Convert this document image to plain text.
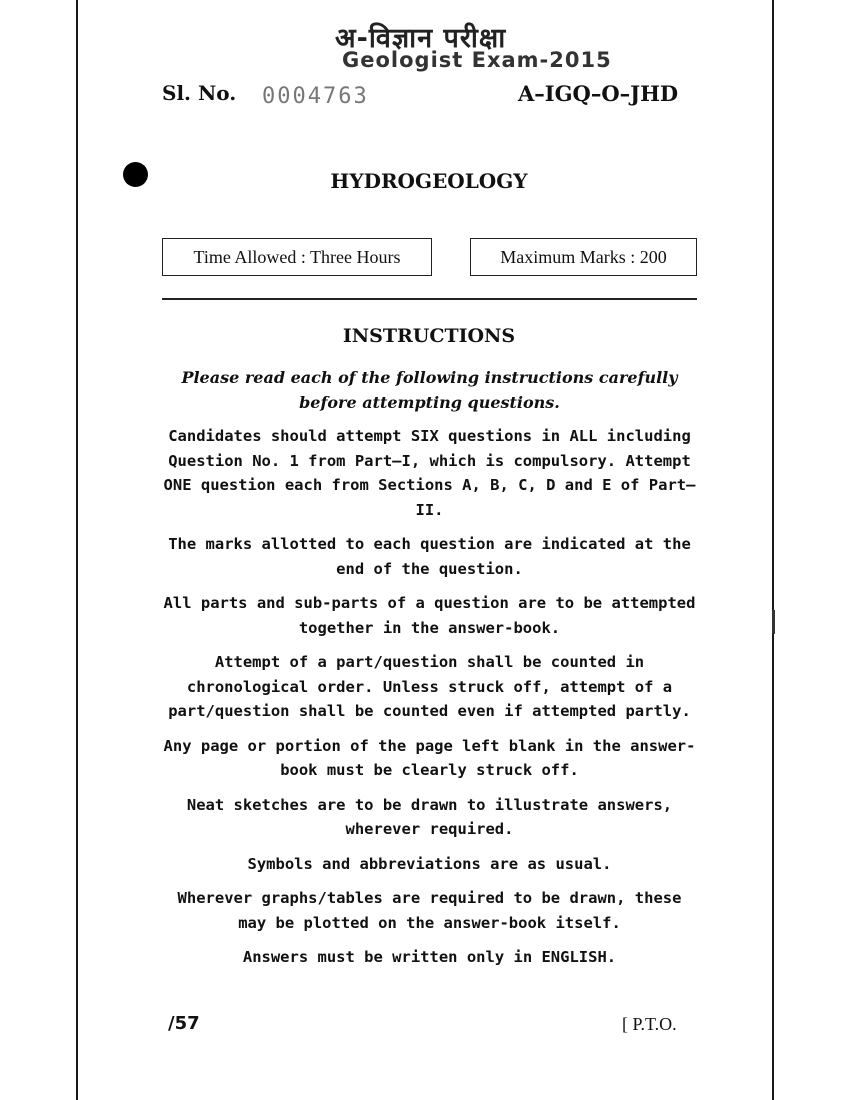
अ-विज्ञान परीक्षा
Geologist Exam-2015
Sl. No. 0004763	A–IGQ–O–JHD
HYDROGEOLOGY
Time Allowed : Three Hours	Maximum Marks : 200
INSTRUCTIONS
Please read each of the following instructions carefully before attempting questions.
Candidates should attempt SIX questions in ALL including Question No. 1 from Part—I, which is compulsory. Attempt ONE question each from Sections A, B, C, D and E of Part—II.
The marks allotted to each question are indicated at the end of the question.
All parts and sub-parts of a question are to be attempted together in the answer-book.
Attempt of a part/question shall be counted in chronological order. Unless struck off, attempt of a part/question shall be counted even if attempted partly.
Any page or portion of the page left blank in the answer-book must be clearly struck off.
Neat sketches are to be drawn to illustrate answers, wherever required.
Symbols and abbreviations are as usual.
Wherever graphs/tables are required to be drawn, these may be plotted on the answer-book itself.
Answers must be written only in ENGLISH.
/57	[ P.T.O.
